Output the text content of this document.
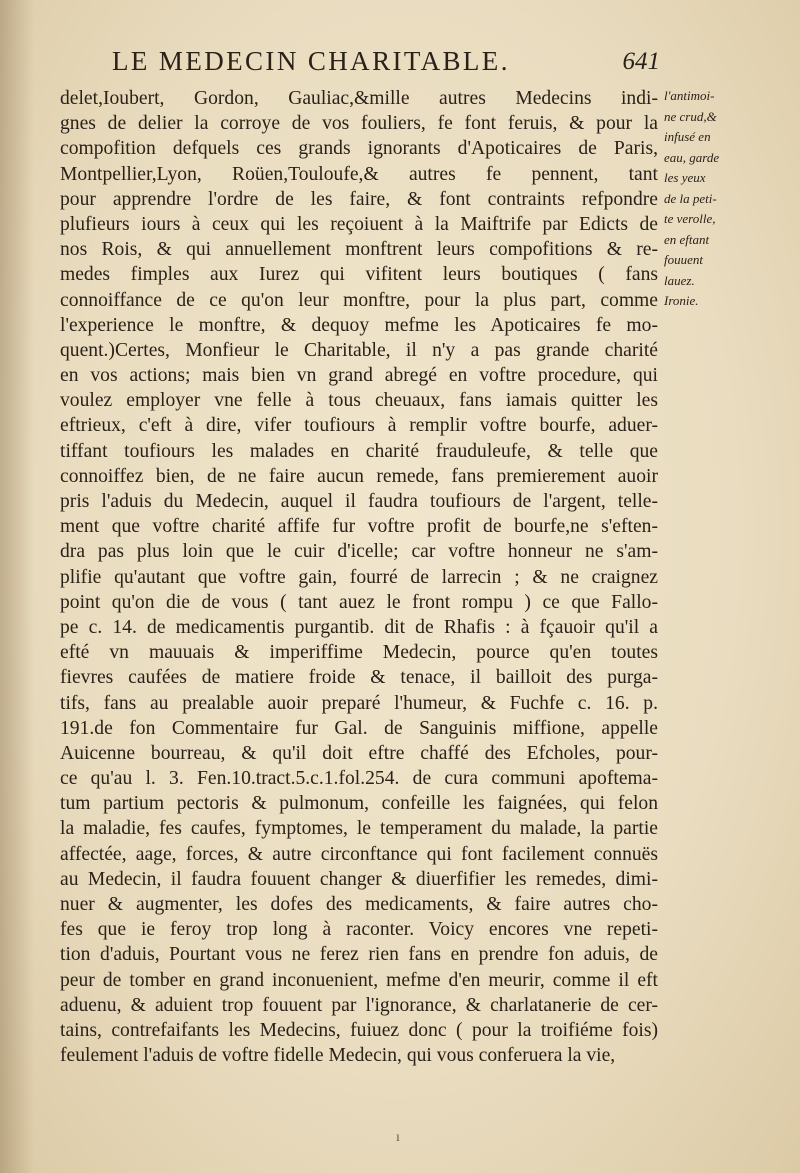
LE MEDECIN CHARITABLE.	641
delet,Ioubert, Gordon, Gauliac,&mille autres Medecins indi-
gnes de delier la corroye de vos fouliers, fe font feruis, & pour la
compofition defquels ces grands ignorants d'Apoticaires de Paris,
Montpellier,Lyon, Roüen,Touloufe,& autres fe pennent, tant
pour apprendre l'ordre de les faire, & font contraints refpondre
plufieurs iours à ceux qui les reçoiuent à la Maiftrife par Edicts de
nos Rois, & qui annuellement monftrent leurs compofitions & re-
medes fimples aux Iurez qui vifitent leurs boutiques ( fans
connoiffance de ce qu'on leur monftre, pour la plus part, comme
l'experience le monftre, & dequoy mefme les Apoticaires fe mo-
quent.)Certes, Monfieur le Charitable, il n'y a pas grande charité
en vos actions; mais bien vn grand abregé en voftre procedure, qui
voulez employer vne felle à tous cheuaux, fans iamais quitter les
eftrieux, c'eft à dire, vifer toufiours à remplir voftre bourfe, aduer-
tiffant toufiours les malades en charité frauduleufe, & telle que
connoiffez bien, de ne faire aucun remede, fans premierement auoir
pris l'aduis du Medecin, auquel il faudra toufiours de l'argent, telle-
ment que voftre charité affife fur voftre profit de bourfe,ne s'eften-
dra pas plus loin que le cuir d'icelle; car voftre honneur ne s'am-
plifie qu'autant que voftre gain, fourré de larrecin ; & ne craignez
point qu'on die de vous ( tant auez le front rompu ) ce que Fallo-
pe c. 14. de medicamentis purgantib. dit de Rhafis : à fçauoir qu'il a
efté vn mauuais & imperiffime Medecin, pource qu'en toutes
fievres caufées de matiere froide & tenace, il bailloit des purga-
tifs, fans au prealable auoir preparé l'humeur, & Fuchfe c. 16. p.
191.de fon Commentaire fur Gal. de Sanguinis miffione, appelle
Auicenne bourreau, & qu'il doit eftre chaffé des Efcholes, pour-
ce qu'au l. 3. Fen.10.tract.5.c.1.fol.254. de cura communi apoftema-
tum partium pectoris & pulmonum, confeille les faignées, qui felon
la maladie, fes caufes, fymptomes, le temperament du malade, la partie
affectée, aage, forces, & autre circonftance qui font facilement connuës
au Medecin, il faudra fouuent changer & diuerfifier les remedes, dimi-
nuer & augmenter, les dofes des medicaments, & faire autres cho-
fes que ie feroy trop long à raconter. Voicy encores vne repeti-
tion d'aduis, Pourtant vous ne ferez rien fans en prendre fon aduis, de
peur de tomber en grand inconuenient, mefme d'en meurir, comme il eft
aduenu, & aduient trop fouuent par l'ignorance, & charlatanerie de cer-
tains, contrefaifants les Medecins, fuiuez donc ( pour la troifiéme fois)
feulement l'aduis de voftre fidelle Medecin, qui vous conferuera la vie,
l'antimoi-
ne crud,&
infusé en
eau, garde
les yeux
de la peti-
te verolle,
en eftant
fouuent
lauez.
Ironie.
ı
